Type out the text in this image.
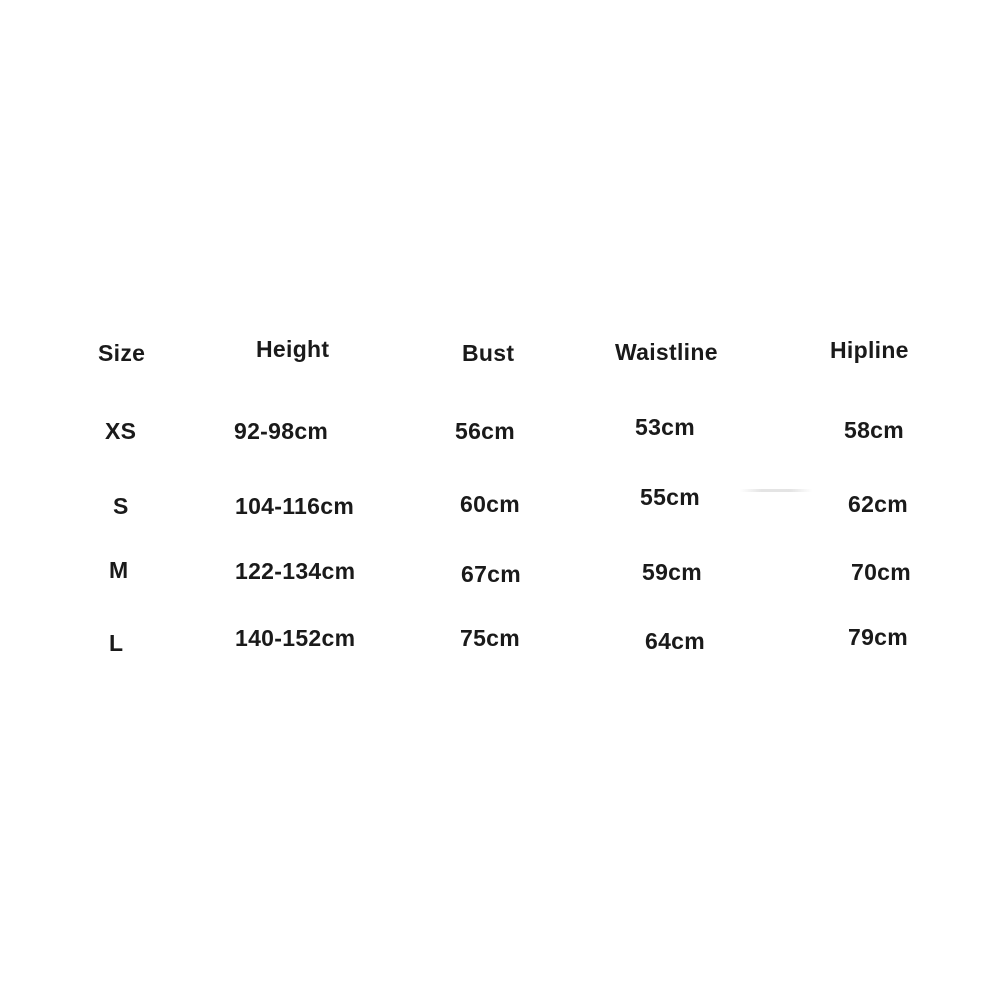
Size	Height	Bust	Waistline	Hipline
XS	92-98cm	56cm	53cm	58cm
S	104-116cm	60cm	55cm	62cm
M	122-134cm	67cm	59cm	70cm
L	140-152cm	75cm	64cm	79cm
